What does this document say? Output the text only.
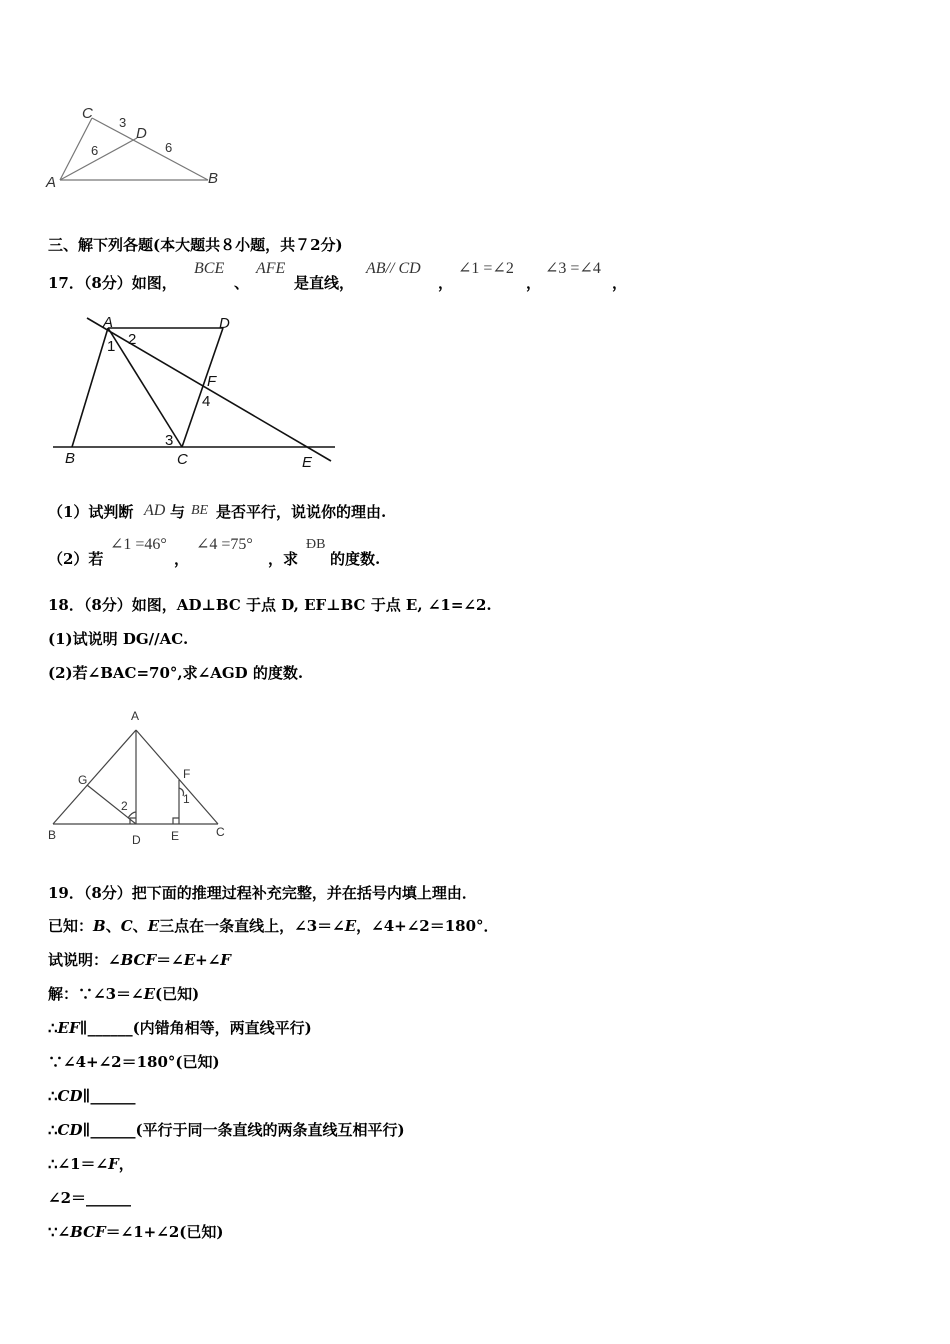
C
D
A	B
3
6	6
三、解下列各题(本大题共８小题，共７2分)
17．（8分）如图，
BCE
、
AFE
是直线，
AB// CD
，
∠1 =∠2
，
∠3 =∠4
，
A	D
B	C	E
F
1 2
3
4
（1）试判断 AD 与 BE 是否平行，说说你的理由.
（2）若
∠1 =46°
，
∠4 =75°
，求
ÐB
的度数.
18．（8分）如图，AD⊥BC 于点 D, EF⊥BC 于点 E, ∠1=∠2.
(1)试说明 DG//AC.
(2)若∠BAC=70°,求∠AGD 的度数.
A
G	F
B	D	E	C
1
2
19．（8分）把下面的推理过程补充完整，并在括号内填上理由．
已知：B、C、E三点在一条直线上，∠3＝∠E，∠4+∠2＝180°．
试说明：∠BCF＝∠E+∠F
解：∵∠3＝∠E(已知)
∴EF∥______(内错角相等，两直线平行)
∵∠4+∠2＝180°(已知)
∴CD∥______
∴CD∥______(平行于同一条直线的两条直线互相平行)
∴∠1＝∠F，
∠2＝______
∵∠BCF＝∠1+∠2(已知)
